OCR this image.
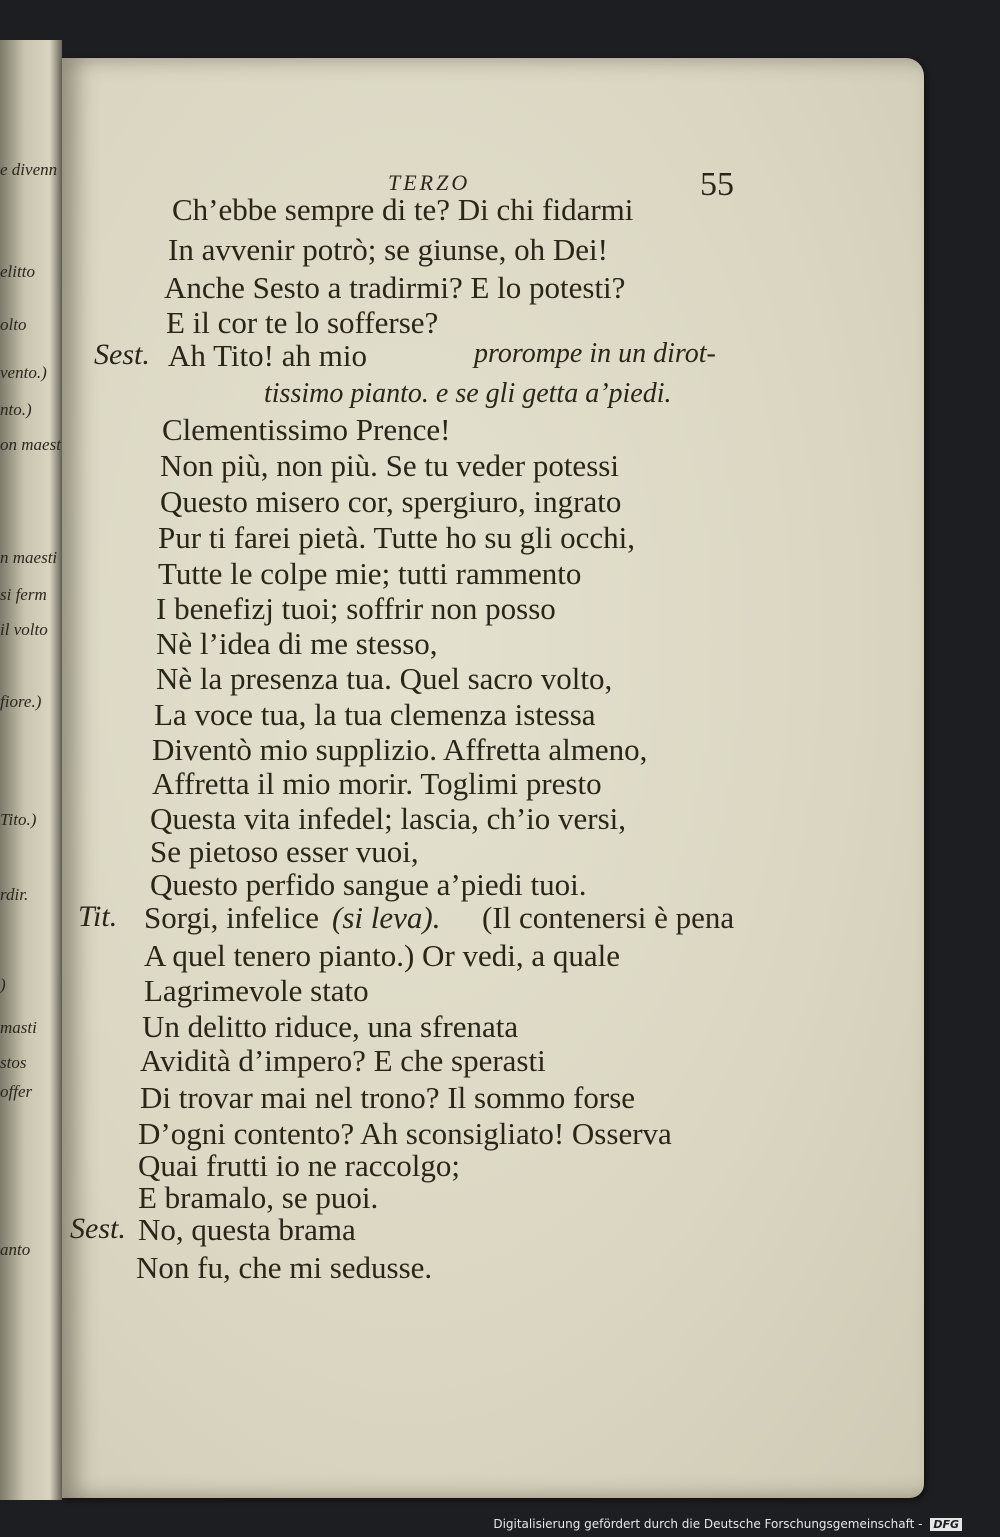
e divenn
elitto
olto
vento.)
nto.)
on maest
n maesti
si ferm
il volto
fiore.)
Tito.)
rdir.
)
masti
stos
offer
anto
TERZO	55
Ch’ebbe sempre di te? Di chi fidarmi
In avvenir potrò; se giunse, oh Dei!
Anche Sesto a tradirmi? E lo potesti?
E il cor te lo sofferse?
Sest. Ah Tito! ah mio	prorompe in un dirot-
tissimo pianto. e se gli getta a’piedi.
Clementissimo Prence!
Non più, non più. Se tu veder potessi
Questo misero cor, spergiuro, ingrato
Pur ti farei pietà. Tutte ho su gli occhi,
Tutte le colpe mie; tutti rammento
I benefizj tuoi; soffrir non posso
Nè l’idea di me stesso,
Nè la presenza tua. Quel sacro volto,
La voce tua, la tua clemenza istessa
Diventò mio supplizio. Affretta almeno,
Affretta il mio morir. Toglimi presto
Questa vita infedel; lascia, ch’io versi,
Se pietoso esser vuoi,
Questo perfido sangue a’piedi tuoi.
Tit. Sorgi, infelice (si leva). (Il contenersi è pena
A quel tenero pianto.) Or vedi, a quale
Lagrimevole stato
Un delitto riduce, una sfrenata
Avidità d’impero? E che sperasti
Di trovar mai nel trono? Il sommo forse
D’ogni contento? Ah sconsigliato! Osserva
Quai frutti io ne raccolgo;
E bramalo, se puoi.
Sest. No, questa brama
Non fu, che mi sedusse.
Digitalisierung gefördert durch die Deutsche Forschungsgemeinschaft - DFG
